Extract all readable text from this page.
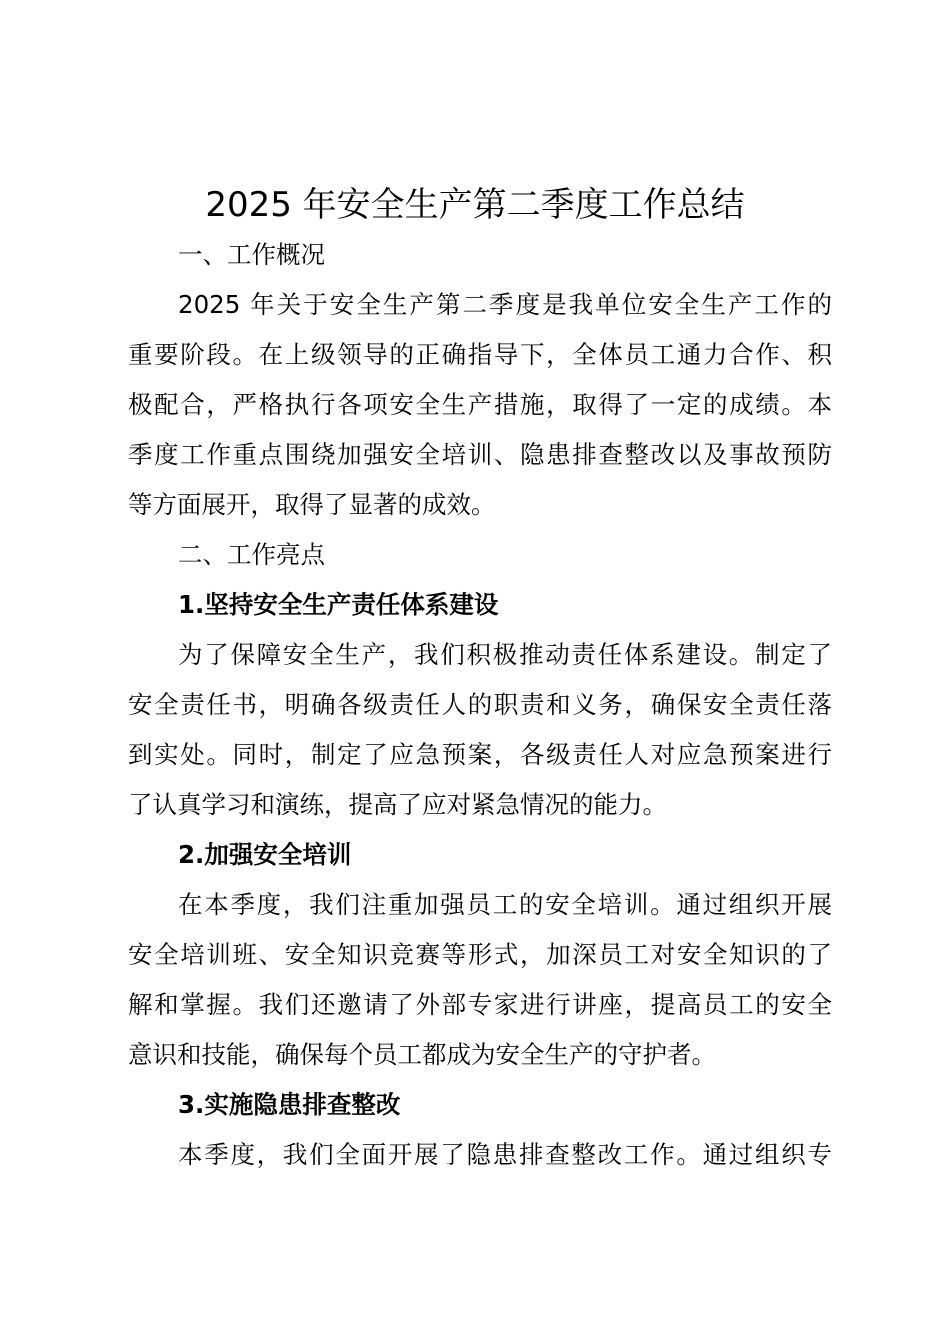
2025 年安全生产第二季度工作总结
一、工作概况
2025 年关于安全生产第二季度是我单位安全生产工作的
重要阶段。在上级领导的正确指导下，全体员工通力合作、积
极配合，严格执行各项安全生产措施，取得了一定的成绩。本
季度工作重点围绕加强安全培训、隐患排查整改以及事故预防
等方面展开，取得了显著的成效。
二、工作亮点
1.坚持安全生产责任体系建设
为了保障安全生产，我们积极推动责任体系建设。制定了
安全责任书，明确各级责任人的职责和义务，确保安全责任落
到实处。同时，制定了应急预案，各级责任人对应急预案进行
了认真学习和演练，提高了应对紧急情况的能力。
2.加强安全培训
在本季度，我们注重加强员工的安全培训。通过组织开展
安全培训班、安全知识竞赛等形式，加深员工对安全知识的了
解和掌握。我们还邀请了外部专家进行讲座，提高员工的安全
意识和技能，确保每个员工都成为安全生产的守护者。
3.实施隐患排查整改
本季度，我们全面开展了隐患排查整改工作。通过组织专
